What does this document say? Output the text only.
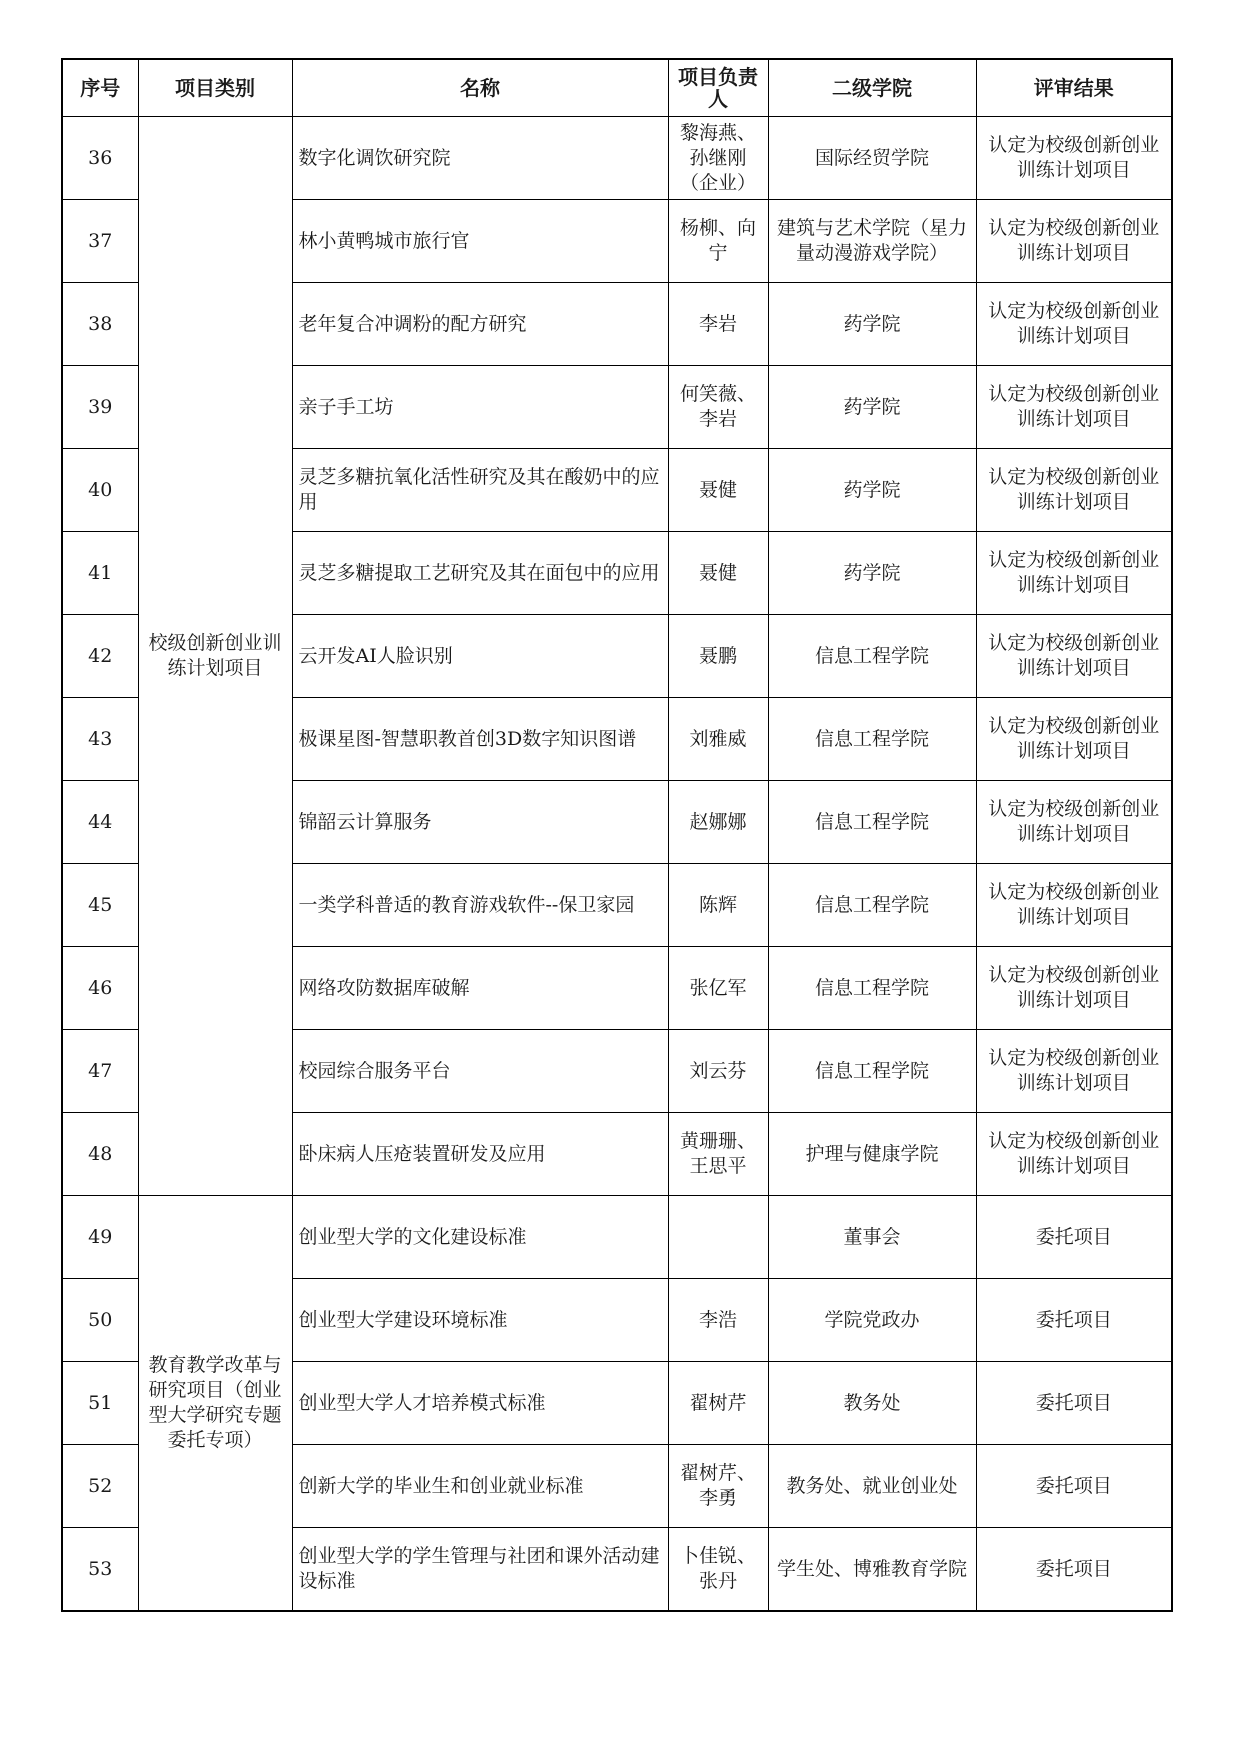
序号	项目类别	名称	项目负责人	二级学院	评审结果
36	校级创新创业训练计划项目	数字化调饮研究院	黎海燕、孙继刚（企业）	国际经贸学院	认定为校级创新创业训练计划项目
37		林小黄鸭城市旅行官	杨柳、向宁	建筑与艺术学院（星力量动漫游戏学院）	认定为校级创新创业训练计划项目
38		老年复合冲调粉的配方研究	李岩	药学院	认定为校级创新创业训练计划项目
39		亲子手工坊	何笑薇、李岩	药学院	认定为校级创新创业训练计划项目
40		灵芝多糖抗氧化活性研究及其在酸奶中的应用	聂健	药学院	认定为校级创新创业训练计划项目
41		灵芝多糖提取工艺研究及其在面包中的应用	聂健	药学院	认定为校级创新创业训练计划项目
42		云开发AI人脸识别	聂鹏	信息工程学院	认定为校级创新创业训练计划项目
43		极课星图-智慧职教首创3D数字知识图谱	刘雅威	信息工程学院	认定为校级创新创业训练计划项目
44		锦韶云计算服务	赵娜娜	信息工程学院	认定为校级创新创业训练计划项目
45		一类学科普适的教育游戏软件--保卫家园	陈辉	信息工程学院	认定为校级创新创业训练计划项目
46		网络攻防数据库破解	张亿军	信息工程学院	认定为校级创新创业训练计划项目
47		校园综合服务平台	刘云芬	信息工程学院	认定为校级创新创业训练计划项目
48		卧床病人压疮装置研发及应用	黄珊珊、王思平	护理与健康学院	认定为校级创新创业训练计划项目
49	教育教学改革与研究项目（创业型大学研究专题委托专项）	创业型大学的文化建设标准		董事会	委托项目
50		创业型大学建设环境标准	李浩	学院党政办	委托项目
51		创业型大学人才培养模式标准	翟树芹	教务处	委托项目
52		创新大学的毕业生和创业就业标准	翟树芹、李勇	教务处、就业创业处	委托项目
53		创业型大学的学生管理与社团和课外活动建设标准	卜佳锐、张丹	学生处、博雅教育学院	委托项目
